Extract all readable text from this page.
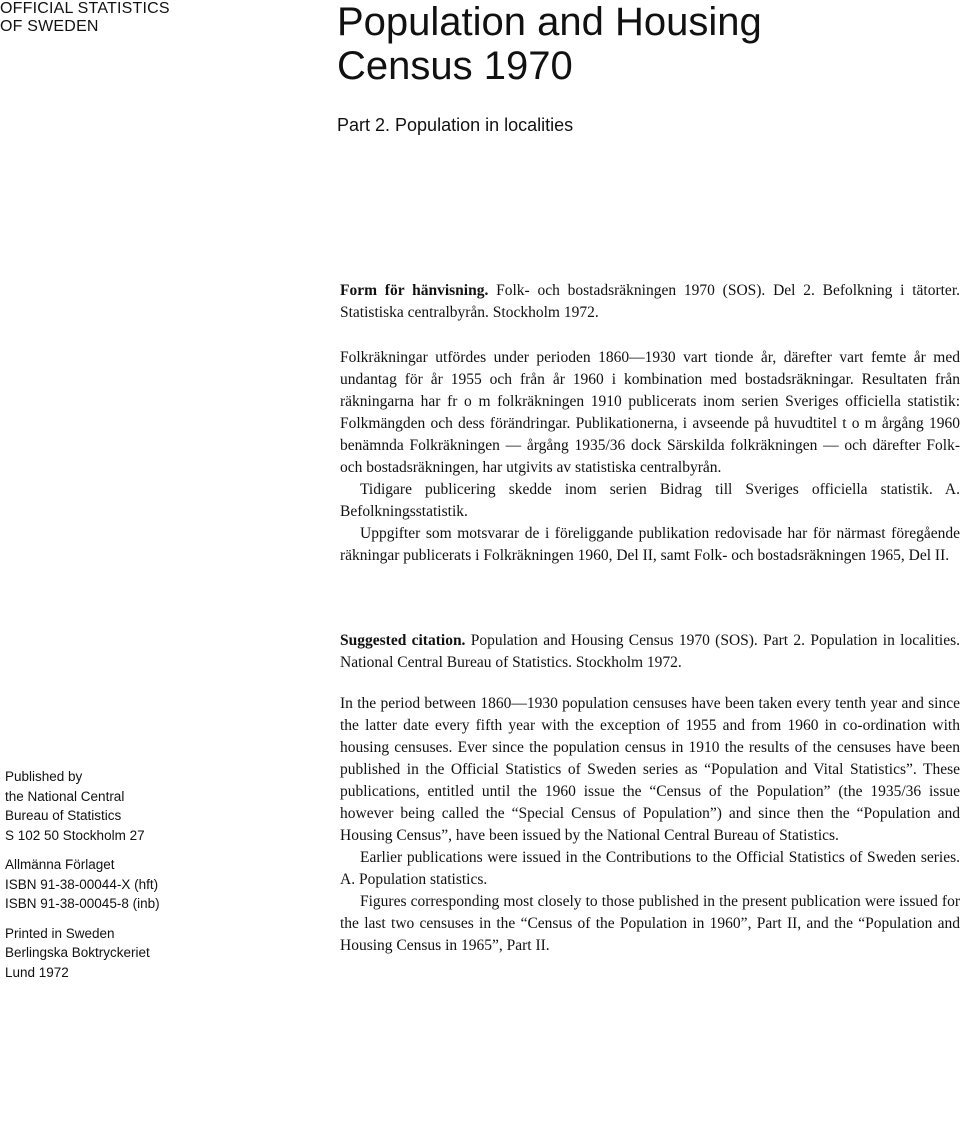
OFFICIAL STATISTICS
OF SWEDEN	Population and Housing
Census 1970
Part 2. Population in localities

Form för hänvisning. Folk- och bostadsräkningen 1970 (SOS). Del 2. Befolkning i tätorter. Statistiska centralbyrån. Stockholm 1972.

Folkräkningar utfördes under perioden 1860—1930 vart tionde år, därefter vart femte år med undantag för år 1955 och från år 1960 i kombination med bostadsräkningar. Resultaten från räkningarna har fr o m folkräkningen 1910 publicerats inom serien Sveriges officiella statistik: Folkmängden och dess förändringar. Publikationerna, i avseende på huvudtitel t o m årgång 1960 benämnda Folkräkningen — årgång 1935/36 dock Särskilda folkräkningen — och därefter Folk- och bostadsräkningen, har utgivits av statistiska centralbyrån.

Tidigare publicering skedde inom serien Bidrag till Sveriges officiella statistik. A. Befolkningsstatistik.

Uppgifter som motsvarar de i föreliggande publikation redovisade har för närmast föregående räkningar publicerats i Folkräkningen 1960, Del II, samt Folk- och bostadsräkningen 1965, Del II.

Suggested citation. Population and Housing Census 1970 (SOS). Part 2. Population in localities. National Central Bureau of Statistics. Stockholm 1972.

In the period between 1860—1930 population censuses have been taken every tenth year and since the latter date every fifth year with the exception of 1955 and from 1960 in co-ordination with housing censuses. Ever since the population census in 1910 the results of the censuses have been published in the Official Statistics of Sweden series as “Population and Vital Statistics”. These publications, entitled until the 1960 issue the “Census of the Population” (the 1935/36 issue however being called the “Special Census of Population”) and since then the “Population and Housing Census”, have been issued by the National Central Bureau of Statistics.

Earlier publications were issued in the Contributions to the Official Statistics of Sweden series. A. Population statistics.

Figures corresponding most closely to those published in the present publication were issued for the last two censuses in the “Census of the Population in 1960”, Part II, and the “Population and Housing Census in 1965”, Part II.

Published by
the National Central
Bureau of Statistics
S 102 50 Stockholm 27
Allmänna Förlaget
ISBN 91-38-00044-X (hft)
ISBN 91-38-00045-8 (inb)
Printed in Sweden
Berlingska Boktryckeriet
Lund 1972
